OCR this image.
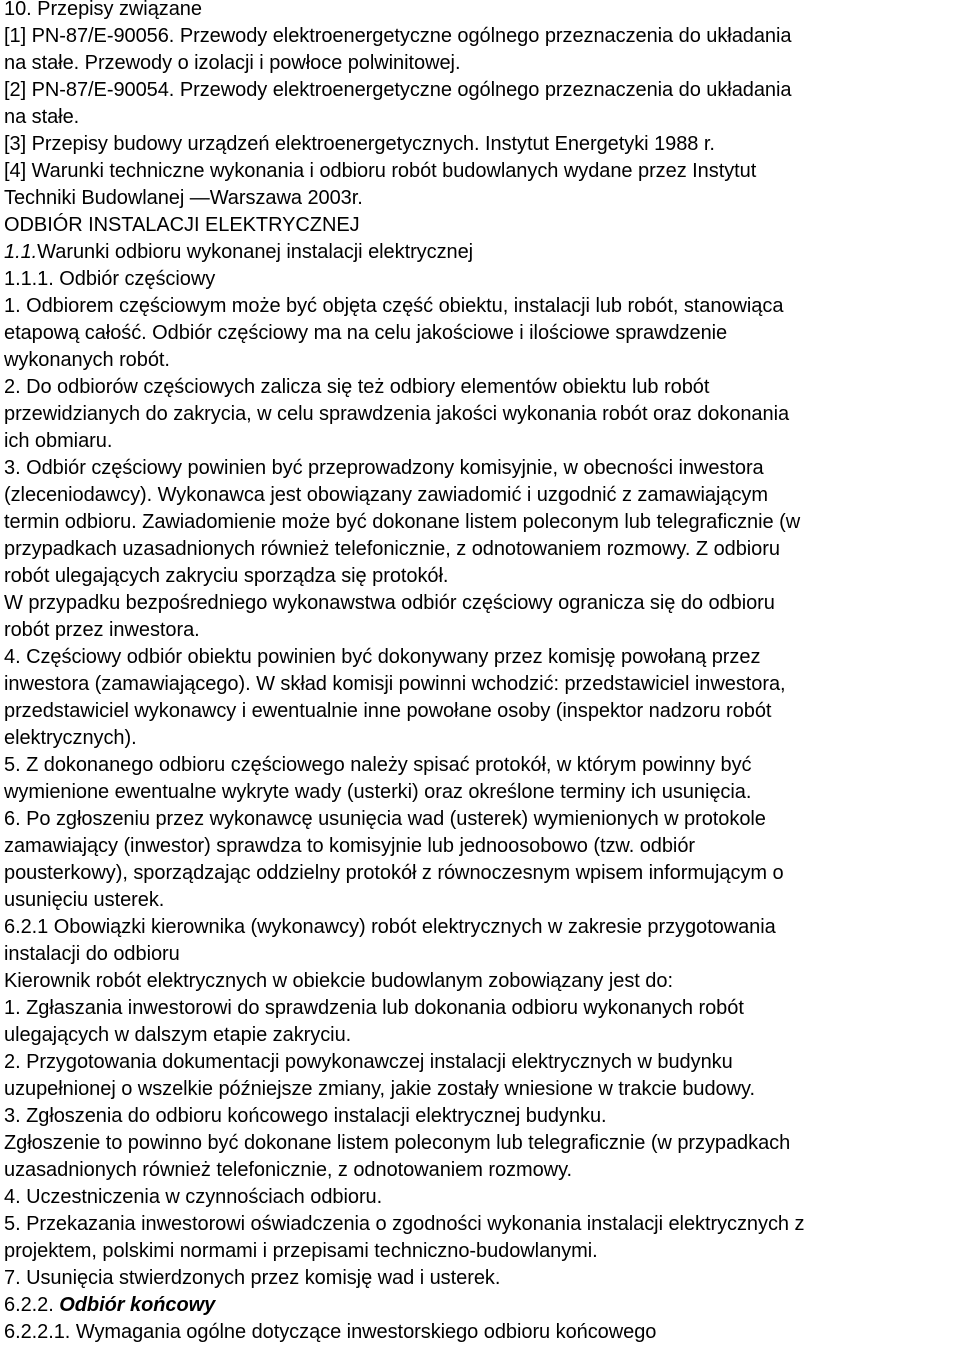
10. Przepisy związane

[1] PN-87/E-90056. Przewody elektroenergetyczne ogólnego przeznaczenia do układania

na stałe. Przewody o izolacji i powłoce polwinitowej.

[2] PN-87/E-90054. Przewody elektroenergetyczne ogólnego przeznaczenia do układania

na stałe.

[3] Przepisy budowy urządzeń elektroenergetycznych. Instytut Energetyki 1988 r.

[4] Warunki techniczne wykonania i odbioru robót budowlanych wydane przez Instytut

Techniki Budowlanej —Warszawa 2003r.

ODBIÓR INSTALACJI ELEKTRYCZNEJ

1.1.Warunki odbioru wykonanej instalacji elektrycznej

1.1.1. Odbiór częściowy

1. Odbiorem częściowym może być objęta część obiektu, instalacji lub robót, stanowiąca

etapową całość. Odbiór częściowy ma na celu jakościowe i ilościowe sprawdzenie

wykonanych robót.

2. Do odbiorów częściowych zalicza się też odbiory elementów obiektu lub robót

przewidzianych do zakrycia, w celu sprawdzenia jakości wykonania robót oraz dokonania

ich obmiaru.

3. Odbiór częściowy powinien być przeprowadzony komisyjnie, w obecności inwestora

(zleceniodawcy). Wykonawca jest obowiązany zawiadomić i uzgodnić z zamawiającym

termin odbioru. Zawiadomienie może być dokonane listem poleconym lub telegraficznie (w

przypadkach uzasadnionych również telefonicznie, z odnotowaniem rozmowy. Z odbioru

robót ulegających zakryciu sporządza się protokół.

W przypadku bezpośredniego wykonawstwa odbiór częściowy ogranicza się do odbioru

robót przez inwestora.

4. Częściowy odbiór obiektu powinien być dokonywany przez komisję powołaną przez

inwestora (zamawiającego). W skład komisji powinni wchodzić: przedstawiciel inwestora,

przedstawiciel wykonawcy i ewentualnie inne powołane osoby (inspektor nadzoru robót

elektrycznych).

5. Z dokonanego odbioru częściowego należy spisać protokół, w którym powinny być

wymienione ewentualne wykryte wady (usterki) oraz określone terminy ich usunięcia.

6. Po zgłoszeniu przez wykonawcę usunięcia wad (usterek) wymienionych w protokole

zamawiający (inwestor) sprawdza to komisyjnie lub jednoosobowo (tzw. odbiór

pousterkowy), sporządzając oddzielny protokół z równoczesnym wpisem informującym o

usunięciu usterek.

6.2.1 Obowiązki kierownika (wykonawcy) robót elektrycznych w zakresie przygotowania

instalacji do odbioru

Kierownik robót elektrycznych w obiekcie budowlanym zobowiązany jest do:

1. Zgłaszania inwestorowi do sprawdzenia lub dokonania odbioru wykonanych robót

ulegających w dalszym etapie zakryciu.

2. Przygotowania dokumentacji powykonawczej instalacji elektrycznych w budynku

uzupełnionej o wszelkie późniejsze zmiany, jakie zostały wniesione w trakcie budowy.

3. Zgłoszenia do odbioru końcowego instalacji elektrycznej budynku.

Zgłoszenie to powinno być dokonane listem poleconym lub telegraficznie (w przypadkach

uzasadnionych również telefonicznie, z odnotowaniem rozmowy.

4. Uczestniczenia w czynnościach odbioru.

5. Przekazania inwestorowi oświadczenia o zgodności wykonania instalacji elektrycznych z

projektem, polskimi normami i przepisami techniczno-budowlanymi.

7. Usunięcia stwierdzonych przez komisję wad i usterek.

6.2.2. Odbiór końcowy

6.2.2.1. Wymagania ogólne dotyczące inwestorskiego odbioru końcowego
